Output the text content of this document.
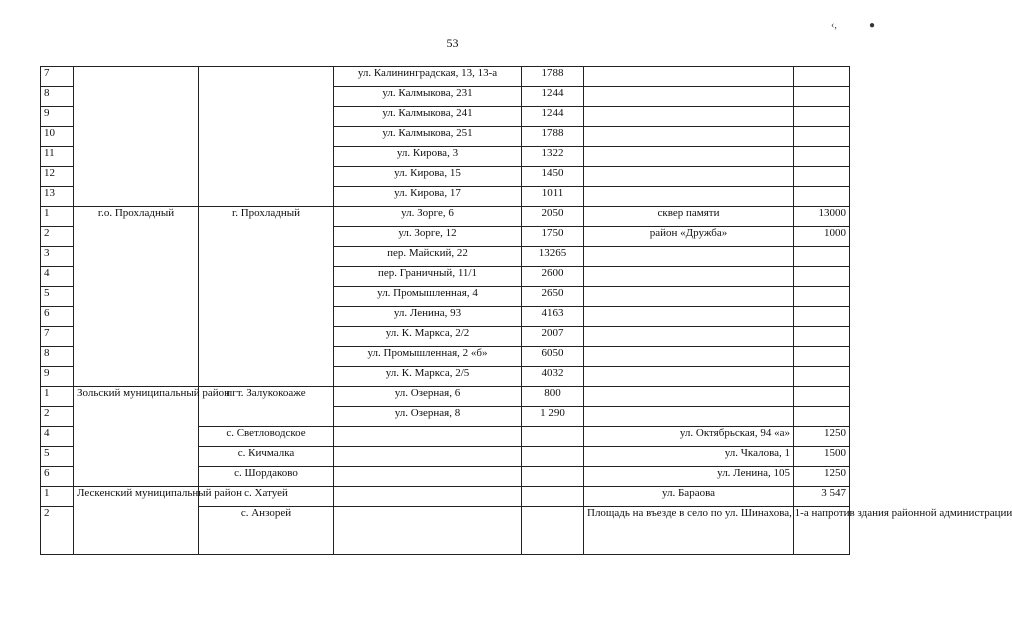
53
‹,	●
7			ул. Калининградская, 13, 13-а	1788		
8			ул. Калмыкова, 231	1244		
9			ул. Калмыкова, 241	1244		
10			ул. Калмыкова, 251	1788		
11			ул. Кирова, 3	1322		
12			ул. Кирова, 15	1450		
13			ул. Кирова, 17	1011		
1	г.о. Прохладный	г. Прохладный	ул. Зорге, 6	2050	сквер памяти	13000
2			ул. Зорге, 12	1750	район «Дружба»	1000
3			пер. Майский, 22	13265		
4			пер. Граничный, 11/1	2600		
5			ул. Промышленная, 4	2650		
6			ул. Ленина, 93	4163		
7			ул. К. Маркса, 2/2	2007		
8			ул. Промышленная, 2 «б»	6050		
9			ул. К. Маркса, 2/5	4032		
1	Зольский муниципальный район	пгт. Залукокоаже	ул. Озерная, 6	800		
2			ул. Озерная, 8	1 290		
4		с. Светловодское			ул. Октябрьская, 94 «а»	1250
5		с. Кичмалка			ул. Чкалова, 1	1500
6		с. Шордаково			ул. Ленина, 105	1250
1	Лескенский муниципальный район	с. Хатуей			ул. Бараова	3 547
2		с. Анзорей			Площадь на въезде в село по ул. Шинахова, 1-а напротив здания районной администрации	
